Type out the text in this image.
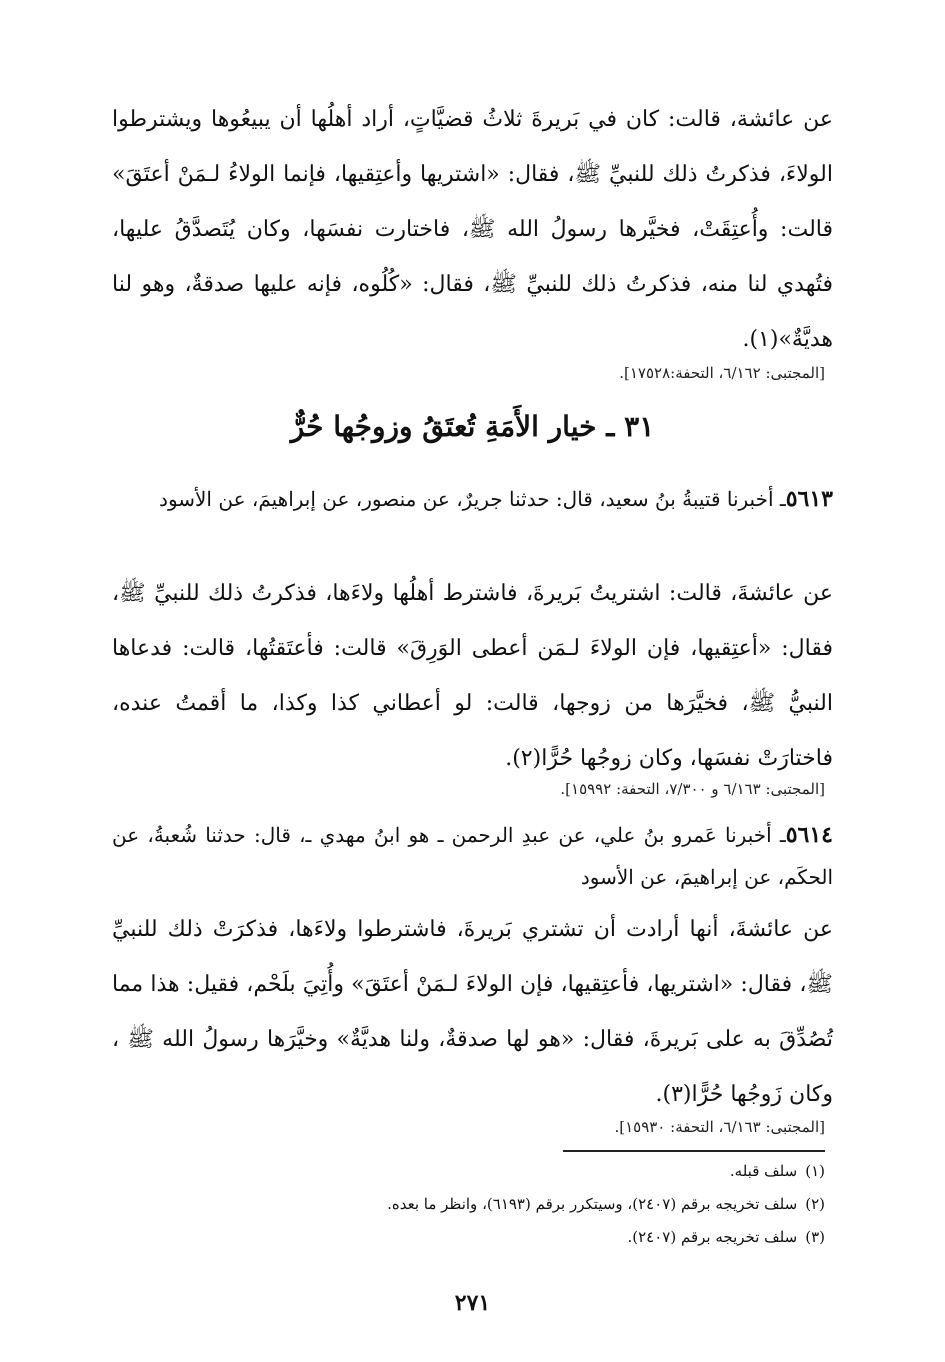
عن عائشة، قالت: كان في بَريرةَ ثلاثُ قضيَّاتٍ، أراد أهلُها أن يبيعُوها ويشترطوا الولاءَ، فذكرتُ ذلك للنبيِّ ﷺ، فقال: «اشتريها وأعتِقيها، فإنما الولاءُ لـمَنْ أعتَقَ» قالت: وأُعتِقَتْ، فخيَّرها رسولُ الله ﷺ، فاختارت نفسَها، وكان يُتَصدَّقُ عليها، فتُهدي لنا منه، فذكرتُ ذلك للنبيِّ ﷺ، فقال: «كُلُوه، فإنه عليها صدقةٌ، وهو لنا هديَّةٌ»(١).
[المجتبى: ٦/١٦٢، التحفة:١٧٥٢٨].
٣١ ـ خيار الأَمَةِ تُعتَقُ وزوجُها حُرٌّ
٥٦١٣ـ أخبرنا قتيبةُ بنُ سعيد، قال: حدثنا جريرٌ، عن منصور، عن إبراهيمَ، عن الأسود
عن عائشةَ، قالت: اشتريتُ بَريرةَ، فاشترط أهلُها ولاءَها، فذكرتُ ذلك للنبيِّ ﷺ، فقال: «أعتِقيها، فإن الولاءَ لـمَن أعطى الوَرِقَ» قالت: فأعتَقتُها، قالت: فدعاها النبيُّ ﷺ، فخيَّرَها من زوجها، قالت: لو أعطاني كذا وكذا، ما أقمتُ عنده، فاختارَتْ نفسَها، وكان زوجُها حُرًّا(٢).
[المجتبى: ٦/١٦٣ و ٧/٣٠٠، التحفة: ١٥٩٩٢].
٥٦١٤ـ أخبرنا عَمرو بنُ علي، عن عبدِ الرحمن ـ هو ابنُ مهدي ـ، قال: حدثنا شُعبةُ، عن الحكَم، عن إبراهيمَ، عن الأسود
عن عائشةَ، أنها أرادت أن تشتري بَريرةَ، فاشترطوا ولاءَها، فذكرَتْ ذلك للنبيِّ ﷺ، فقال: «اشتريها، فأعتِقيها، فإن الولاءَ لـمَنْ أعتَقَ» وأُتِيَ بلَحْم، فقيل: هذا مما تُصُدِّقَ به على بَريرةَ، فقال: «هو لها صدقةٌ، ولنا هديَّةٌ» وخيَّرَها رسولُ الله ﷺ ، وكان زَوجُها حُرًّا(٣).
[المجتبى: ٦/١٦٣، التحفة: ١٥٩٣٠].
(١)سلف قبله.
(٢)سلف تخريجه برقم (٢٤٠٧)، وسيتكرر برقم (٦١٩٣)، وانظر ما بعده.
(٣)سلف تخريجه برقم (٢٤٠٧).
٢٧١
